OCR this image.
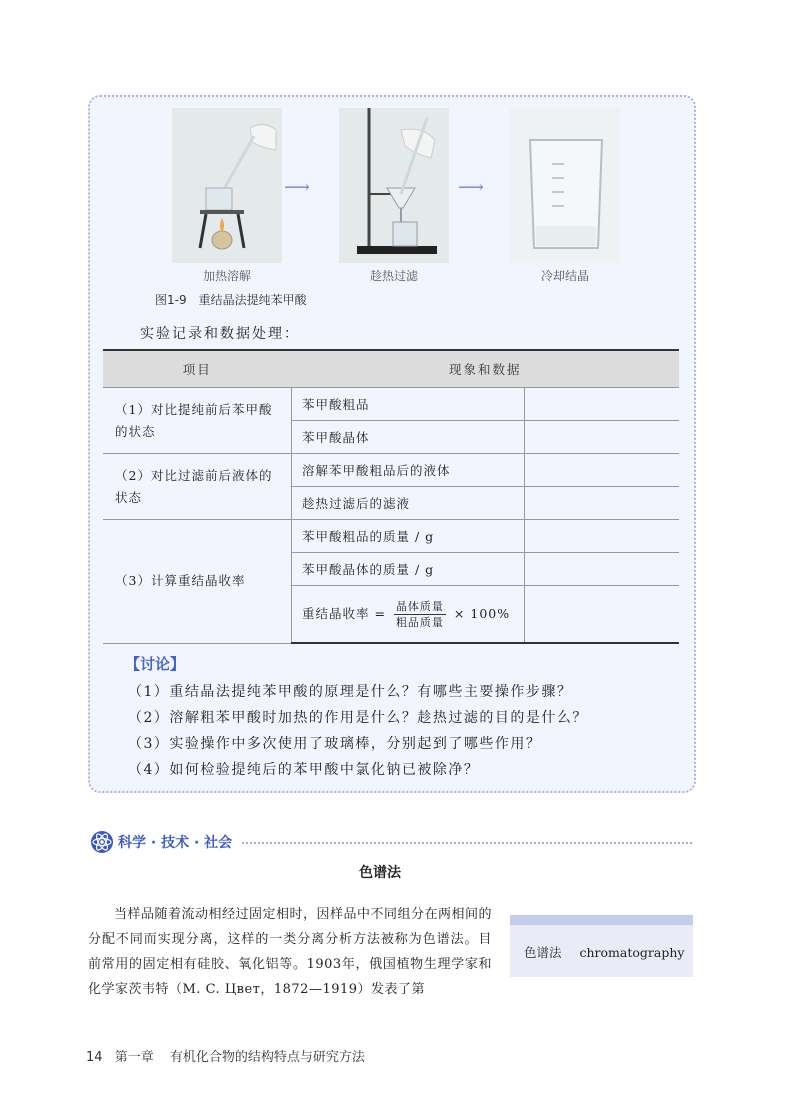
⟶	⟶
加热溶解	趁热过滤	冷却结晶
图1-9　重结晶法提纯苯甲酸
实验记录和数据处理：
项目	现象和数据	
（1）对比提纯前后苯甲酸的状态	苯甲酸粗品	
	苯甲酸晶体	
（2）对比过滤前后液体的状态	溶解苯甲酸粗品后的液体	
	趁热过滤后的滤液	
（3）计算重结晶收率	苯甲酸粗品的质量 / g	
	苯甲酸晶体的质量 / g	
	重结晶收率 = $\frac{\text{晶体质量}}{\text{粗品质量}} \times 100\%$	
【讨论】
（1）重结晶法提纯苯甲酸的原理是什么？有哪些主要操作步骤？
（2）溶解粗苯甲酸时加热的作用是什么？趁热过滤的目的是什么？
（3）实验操作中多次使用了玻璃棒，分别起到了哪些作用？
（4）如何检验提纯后的苯甲酸中氯化钠已被除净？
科学 · 技术 · 社会
色谱法
当样品随着流动相经过固定相时，因样品中不同组分在两相间的分配不同而实现分离，这样的一类分离分析方法被称为色谱法。目前常用的固定相有硅胶、氧化铝等。1903年，俄国植物生理学家和化学家茨韦特（M. C. Цвет，1872—1919）发表了第
色谱法 chromatography
14 第一章 有机化合物的结构特点与研究方法
